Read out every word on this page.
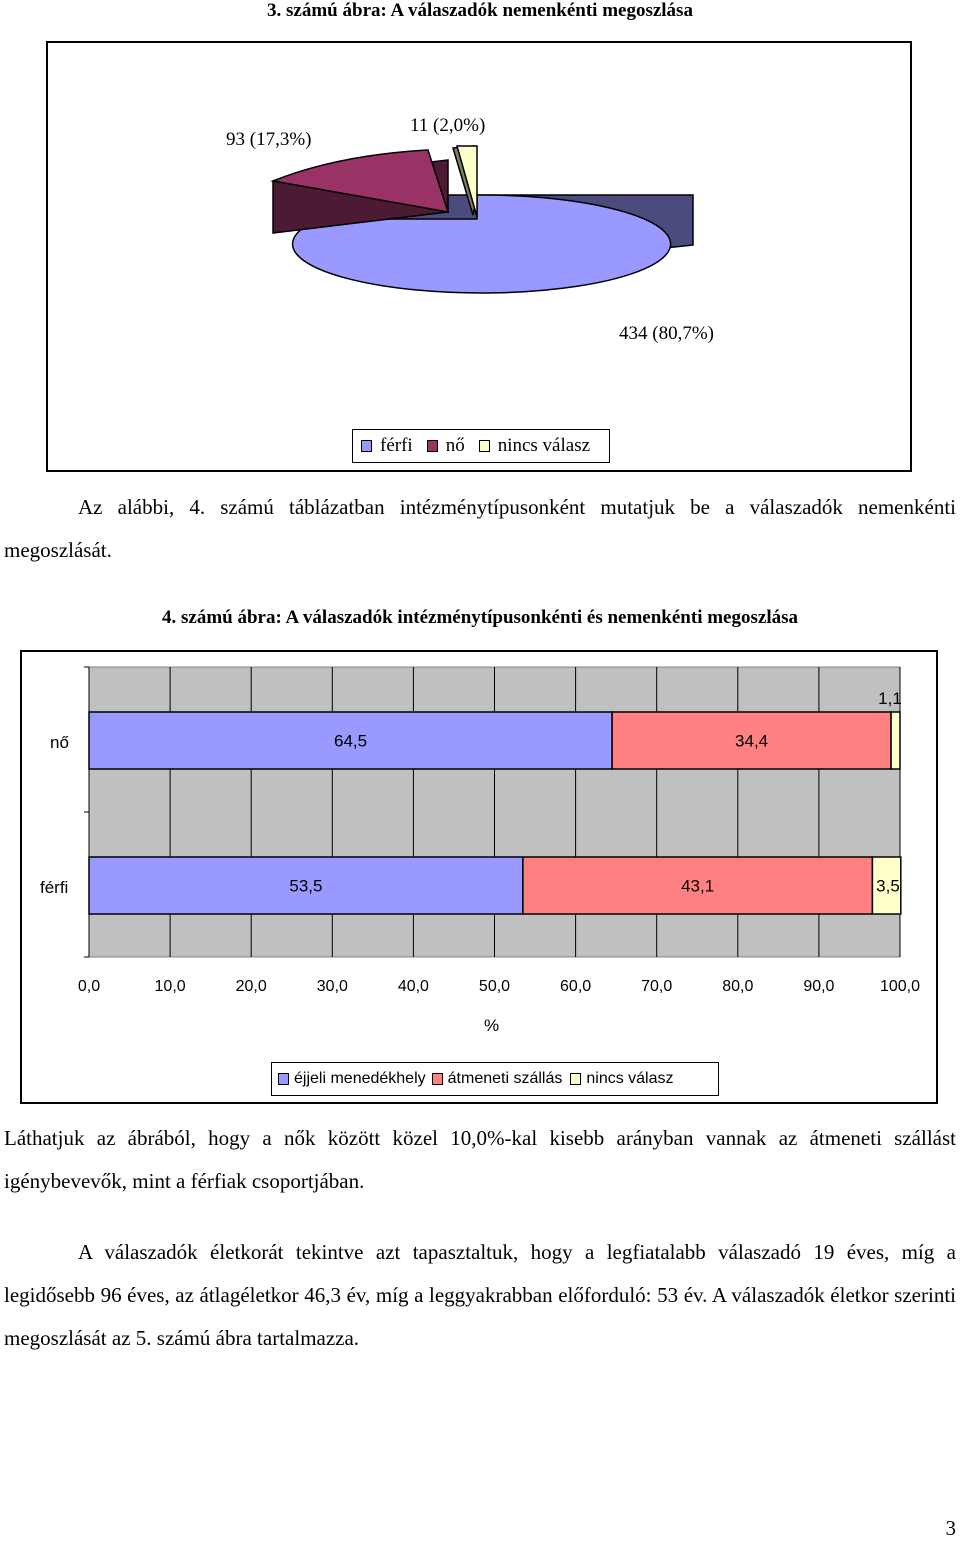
3. számú ábra: A válaszadók nemenkénti megoszlása
93 (17,3%)
11 (2,0%)
434 (80,7%)
férfi nő nincs válasz
Az alábbi, 4. számú táblázatban intézménytípusonként mutatjuk be a válaszadók nemenkénti megoszlását.
4. számú ábra: A válaszadók intézménytípusonkénti és nemenkénti megoszlása
64,5	34,4
1,1
53,5	43,1	3,5
nő
férfi
0,0	10,0	20,0	30,0	40,0	50,0	60,0	70,0	80,0	90,0	100,0
%
éjjeli menedékhely átmeneti szállás nincs válasz
Láthatjuk az ábrából, hogy a nők között közel 10,0%-kal kisebb arányban vannak az átmeneti szállást igénybevevők, mint a férfiak csoportjában.
A válaszadók életkorát tekintve azt tapasztaltuk, hogy a legfiatalabb válaszadó 19 éves, míg a legidősebb 96 éves, az átlagéletkor 46,3 év, míg a leggyakrabban előforduló: 53 év. A válaszadók életkor szerinti megoszlását az 5. számú ábra tartalmazza.
3
